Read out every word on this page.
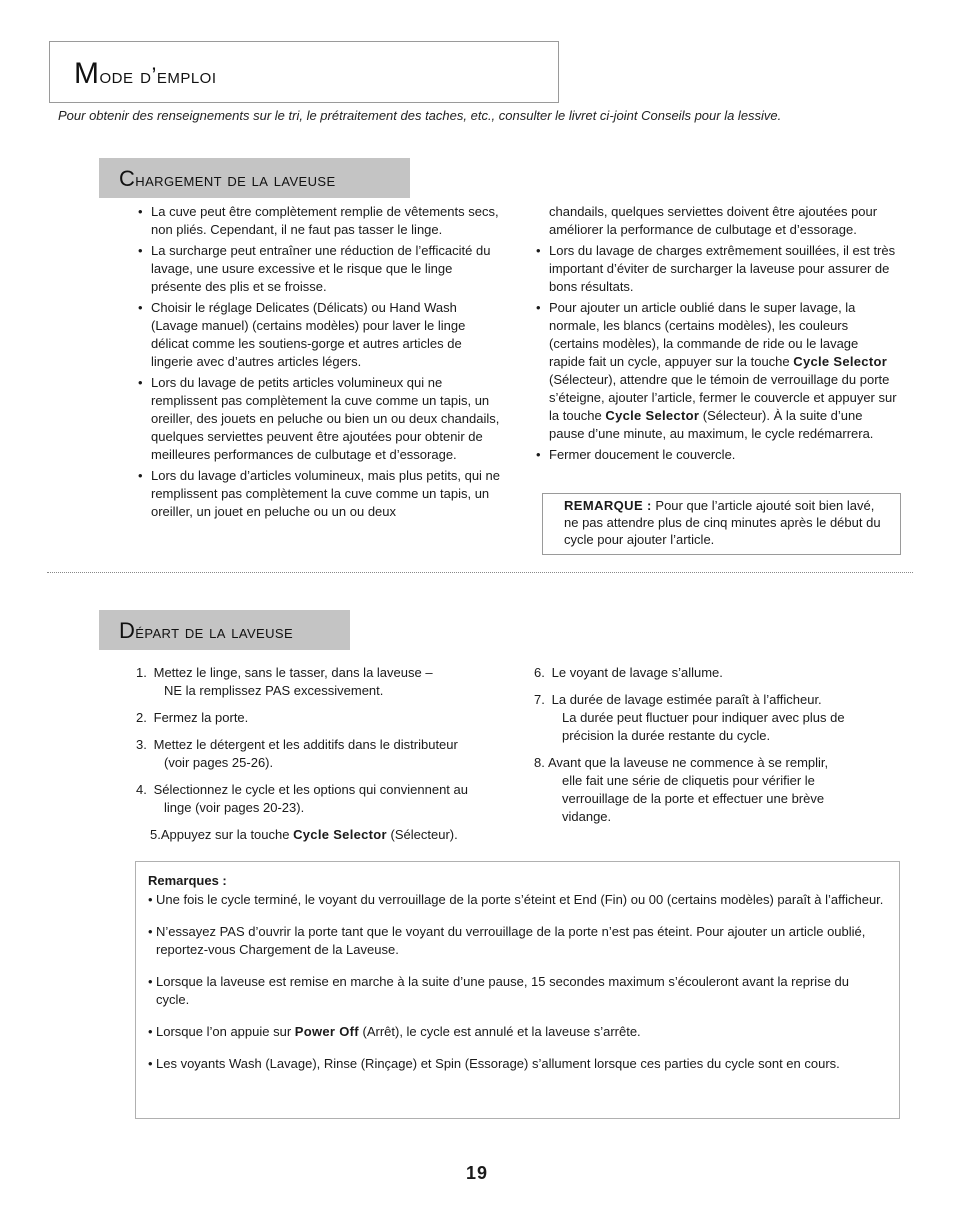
Mode d’emploi
Pour obtenir des renseignements sur le tri, le prétraitement des taches, etc., consulter le livret ci-joint Conseils pour la lessive.
Chargement de la laveuse
• La cuve peut être complètement remplie de vêtements secs, non pliés. Cependant, il ne faut pas tasser le linge.
• La surcharge peut entraîner une réduction de l’efficacité du lavage, une usure excessive et le risque que le linge présente des plis et se froisse.
• Choisir le réglage Delicates (Délicats) ou Hand Wash (Lavage manuel) (certains modèles) pour laver le linge délicat comme les soutiens-gorge et autres articles de lingerie avec d’autres articles légers.
• Lors du lavage de petits articles volumineux qui ne remplissent pas complètement la cuve comme un tapis, un oreiller, des jouets en peluche ou bien un ou deux chandails, quelques serviettes peuvent être ajoutées pour obtenir de meilleures performances de culbutage et d’essorage.
• Lors du lavage d’articles volumineux, mais plus petits, qui ne remplissent pas complètement la cuve comme un tapis, un oreiller, un jouet en peluche ou un ou deux
chandails, quelques serviettes doivent être ajoutées pour améliorer la performance de culbutage et d’essorage.
• Lors du lavage de charges extrêmement souillées, il est très important d’éviter de surcharger la laveuse pour assurer de bons résultats.
• Pour ajouter un article oublié dans le super lavage, la normale, les blancs (certains modèles), les couleurs (certains modèles), la commande de ride ou le lavage rapide fait un cycle, appuyer sur la touche Cycle Selector (Sélecteur), attendre que le témoin de verrouillage du porte s’éteigne, ajouter l’article, fermer le couvercle et appuyer sur la touche Cycle Selector (Sélecteur). À la suite d’une pause d’une minute, au maximum, le cycle redémarrera.
• Fermer doucement le couvercle.
REMARQUE : Pour que l’article ajouté soit bien lavé, ne pas attendre plus de cinq minutes après le début du cycle pour ajouter l’article.
Départ de la laveuse
1. Mettez le linge, sans le tasser, dans la laveuse –
NE la remplissez PAS excessivement.
2. Fermez la porte.
3. Mettez le détergent et les additifs dans le distributeur
(voir pages 25-26).
4. Sélectionnez le cycle et les options qui conviennent au
linge (voir pages 20-23).
5.Appuyez sur la touche Cycle Selector (Sélecteur).
6. Le voyant de lavage s’allume.
7. La durée de lavage estimée paraît à l’afficheur.
La durée peut fluctuer pour indiquer avec plus de
précision la durée restante du cycle.
8. Avant que la laveuse ne commence à se remplir,
elle fait une série de cliquetis pour vérifier le
verrouillage de la porte et effectuer une brève
vidange.
Remarques :
• Une fois le cycle terminé, le voyant du verrouillage de la porte s’éteint et End (Fin) ou 00 (certains modèles) paraît à l’afficheur.
• N’essayez PAS d’ouvrir la porte tant que le voyant du verrouillage de la porte n’est pas éteint. Pour ajouter un article oublié, reportez-vous Chargement de la Laveuse.
• Lorsque la laveuse est remise en marche à la suite d’une pause, 15 secondes maximum s’écouleront avant la reprise du cycle.
• Lorsque l’on appuie sur Power Off (Arrêt), le cycle est annulé et la laveuse s’arrête.
• Les voyants Wash (Lavage), Rinse (Rinçage) et Spin (Essorage) s’allument lorsque ces parties du cycle sont en cours.
19
